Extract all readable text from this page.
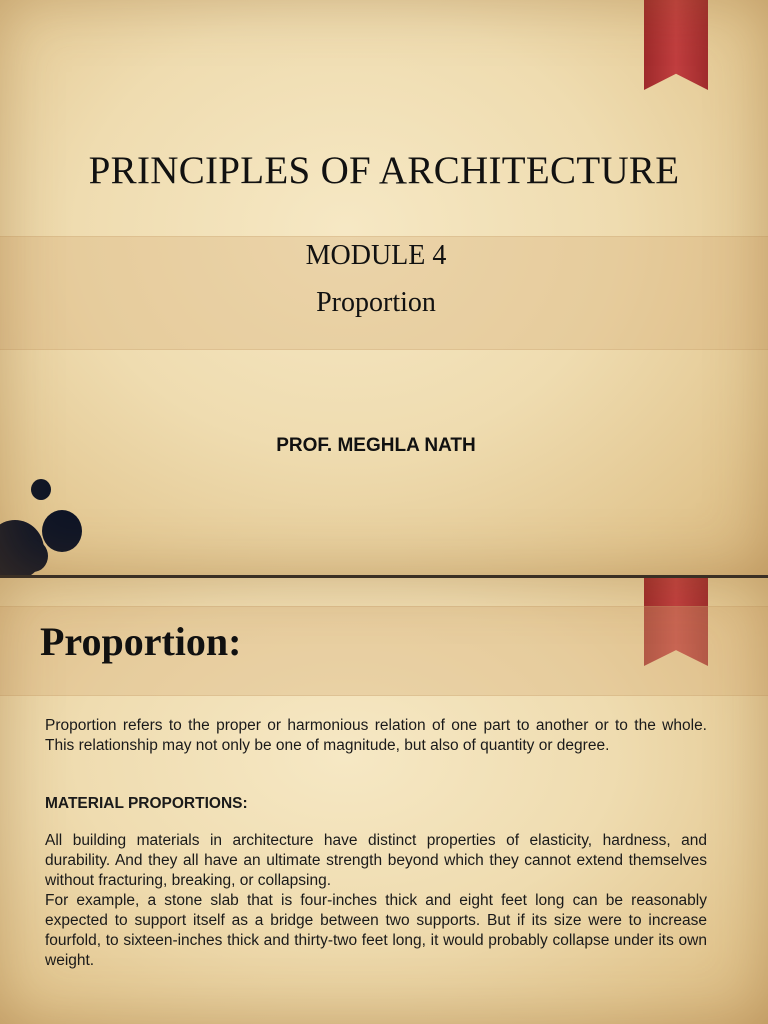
PRINCIPLES OF ARCHITECTURE
MODULE 4
Proportion
PROF. MEGHLA NATH
Proportion:
Proportion refers to the proper or harmonious relation of one part to another or to the whole. This relationship may not only be one of magnitude, but also of quantity or degree.
MATERIAL PROPORTIONS:
All building materials in architecture have distinct properties of elasticity, hardness, and durability. And they all have an ultimate strength beyond which they cannot extend themselves without fracturing, breaking, or collapsing.
For example, a stone slab that is four-inches thick and eight feet long can be reasonably expected to support itself as a bridge between two supports. But if its size were to increase fourfold, to sixteen-inches thick and thirty-two feet long, it would probably collapse under its own weight.
